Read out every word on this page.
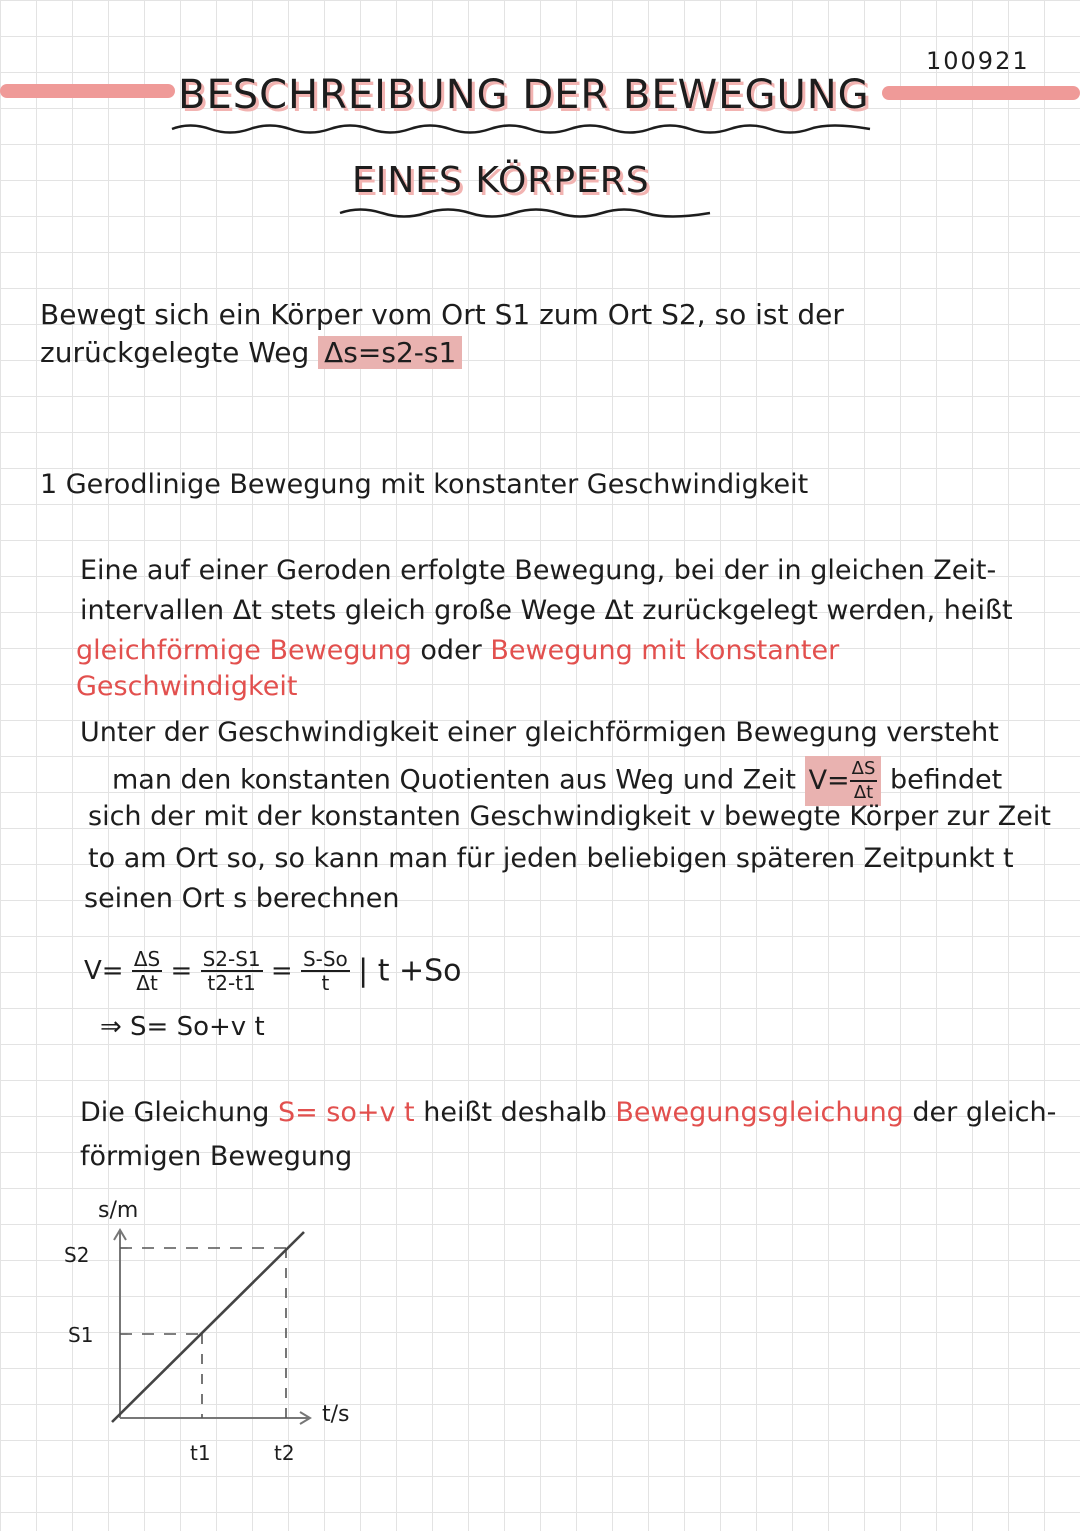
100921
BESCHREIBUNG DER BEWEGUNG
EINES KÖRPERS
Bewegt sich ein Körper vom Ort S1 zum Ort S2, so ist der
zurückgelegte Weg Δs=s2-s1
1 Gerodlinige Bewegung mit konstanter Geschwindigkeit
Eine auf einer Geroden erfolgte Bewegung, bei der in gleichen Zeit-
intervallen Δt stets gleich große Wege Δt zurückgelegt werden, heißt
gleichförmige Bewegung oder Bewegung mit konstanter
Geschwindigkeit
Unter der Geschwindigkeit einer gleichförmigen Bewegung versteht
man den konstanten Quotienten aus Weg und Zeit $V= \frac{\Delta S}{\Delta t}$ befindet
sich der mit der konstanten Geschwindigkeit v bewegte Körper zur Zeit
to am Ort so, so kann man für jeden beliebigen späteren Zeitpunkt t
seinen Ort s berechnen
$V= \frac{\Delta S}{\Delta t} = \frac{S2-S1}{t2-t1} = \frac{S-So}{t}$ | t +So
⇒ S= So+v t
Die Gleichung S= so+v t heißt deshalb Bewegungsgleichung der gleich-
förmigen Bewegung
s/m
S2
S1
t/s
t1	t2
